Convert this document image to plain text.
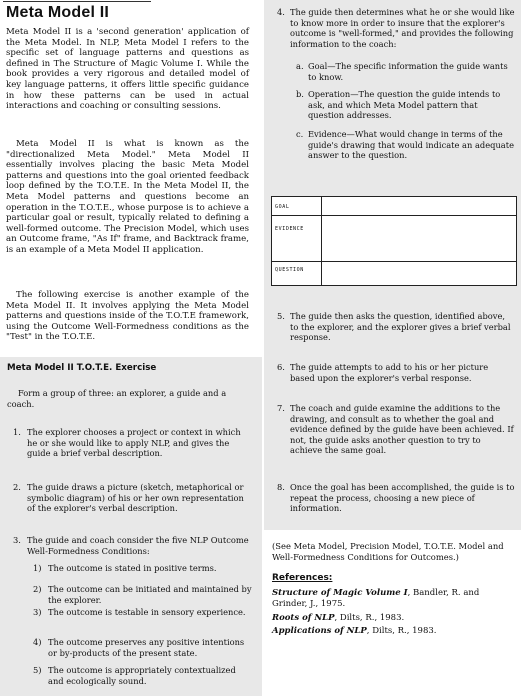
Meta Model II

Meta Model II is a 'second generation' application of the Meta Model. In NLP, Meta Model I refers to the specific set of language patterns and questions as defined in The Structure of Magic Volume I. While the book provides a very rigorous and detailed model of key language patterns, it offers little specific guidance in how these patterns can be used in actual interactions and coaching or consulting sessions.

Meta Model II is what is known as the "directionalized Meta Model." Meta Model II essentially involves placing the basic Meta Model patterns and questions into the goal oriented feedback loop defined by the T.O.T.E. In the Meta Model II, the Meta Model patterns and questions become an operation in the T.O.T.E., whose purpose is to achieve a particular goal or result, typically related to defining a well-formed outcome. The Precision Model, which uses an Outcome frame, "As If" frame, and Backtrack frame, is an example of a Meta Model II application.

The following exercise is another example of the Meta Model II. It involves applying the Meta Model patterns and questions inside of the T.O.T.E framework, using the Outcome Well-Formedness conditions as the "Test" in the T.O.T.E.

Meta Model II T.O.T.E. Exercise

Form a group of three: an explorer, a guide and a coach.

1. The explorer chooses a project or context in which he or she would like to apply NLP, and gives the guide a brief verbal description.

2. The guide draws a picture (sketch, metaphorical or symbolic diagram) of his or her own representation of the explorer's verbal description.

3. The guide and coach consider the five NLP Outcome Well-Formedness Conditions:

1) The outcome is stated in positive terms.

2) The outcome can be initiated and maintained by the explorer.

3) The outcome is testable in sensory experience.

4) The outcome preserves any positive intentions or by-products of the present state.

5) The outcome is appropriately contextualized and ecologically sound.

4. The guide then determines what he or she would like to know more in order to insure that the explorer's outcome is "well-formed," and provides the following information to the coach:

a. Goal—The specific information the guide wants to know.

b. Operation—The question the guide intends to ask, and which Meta Model pattern that question addresses.

c. Evidence—What would change in terms of the guide's drawing that would indicate an adequate answer to the question.

GOAL
EVIDENCE
QUESTION
5. The guide then asks the question, identified above, to the explorer, and the explorer gives a brief verbal response.

6. The guide attempts to add to his or her picture based upon the explorer's verbal response.

7. The coach and guide examine the additions to the drawing, and consult as to whether the goal and evidence defined by the guide have been achieved. If not, the guide asks another question to try to achieve the same goal.

8. Once the goal has been accomplished, the guide is to repeat the process, choosing a new piece of information.

(See Meta Model, Precision Model, T.O.T.E. Model and Well-Formedness Conditions for Outcomes.)

References:

Structure of Magic Volume I, Bandler, R. and Grinder, J., 1975.

Roots of NLP, Dilts, R., 1983.

Applications of NLP, Dilts, R., 1983.
